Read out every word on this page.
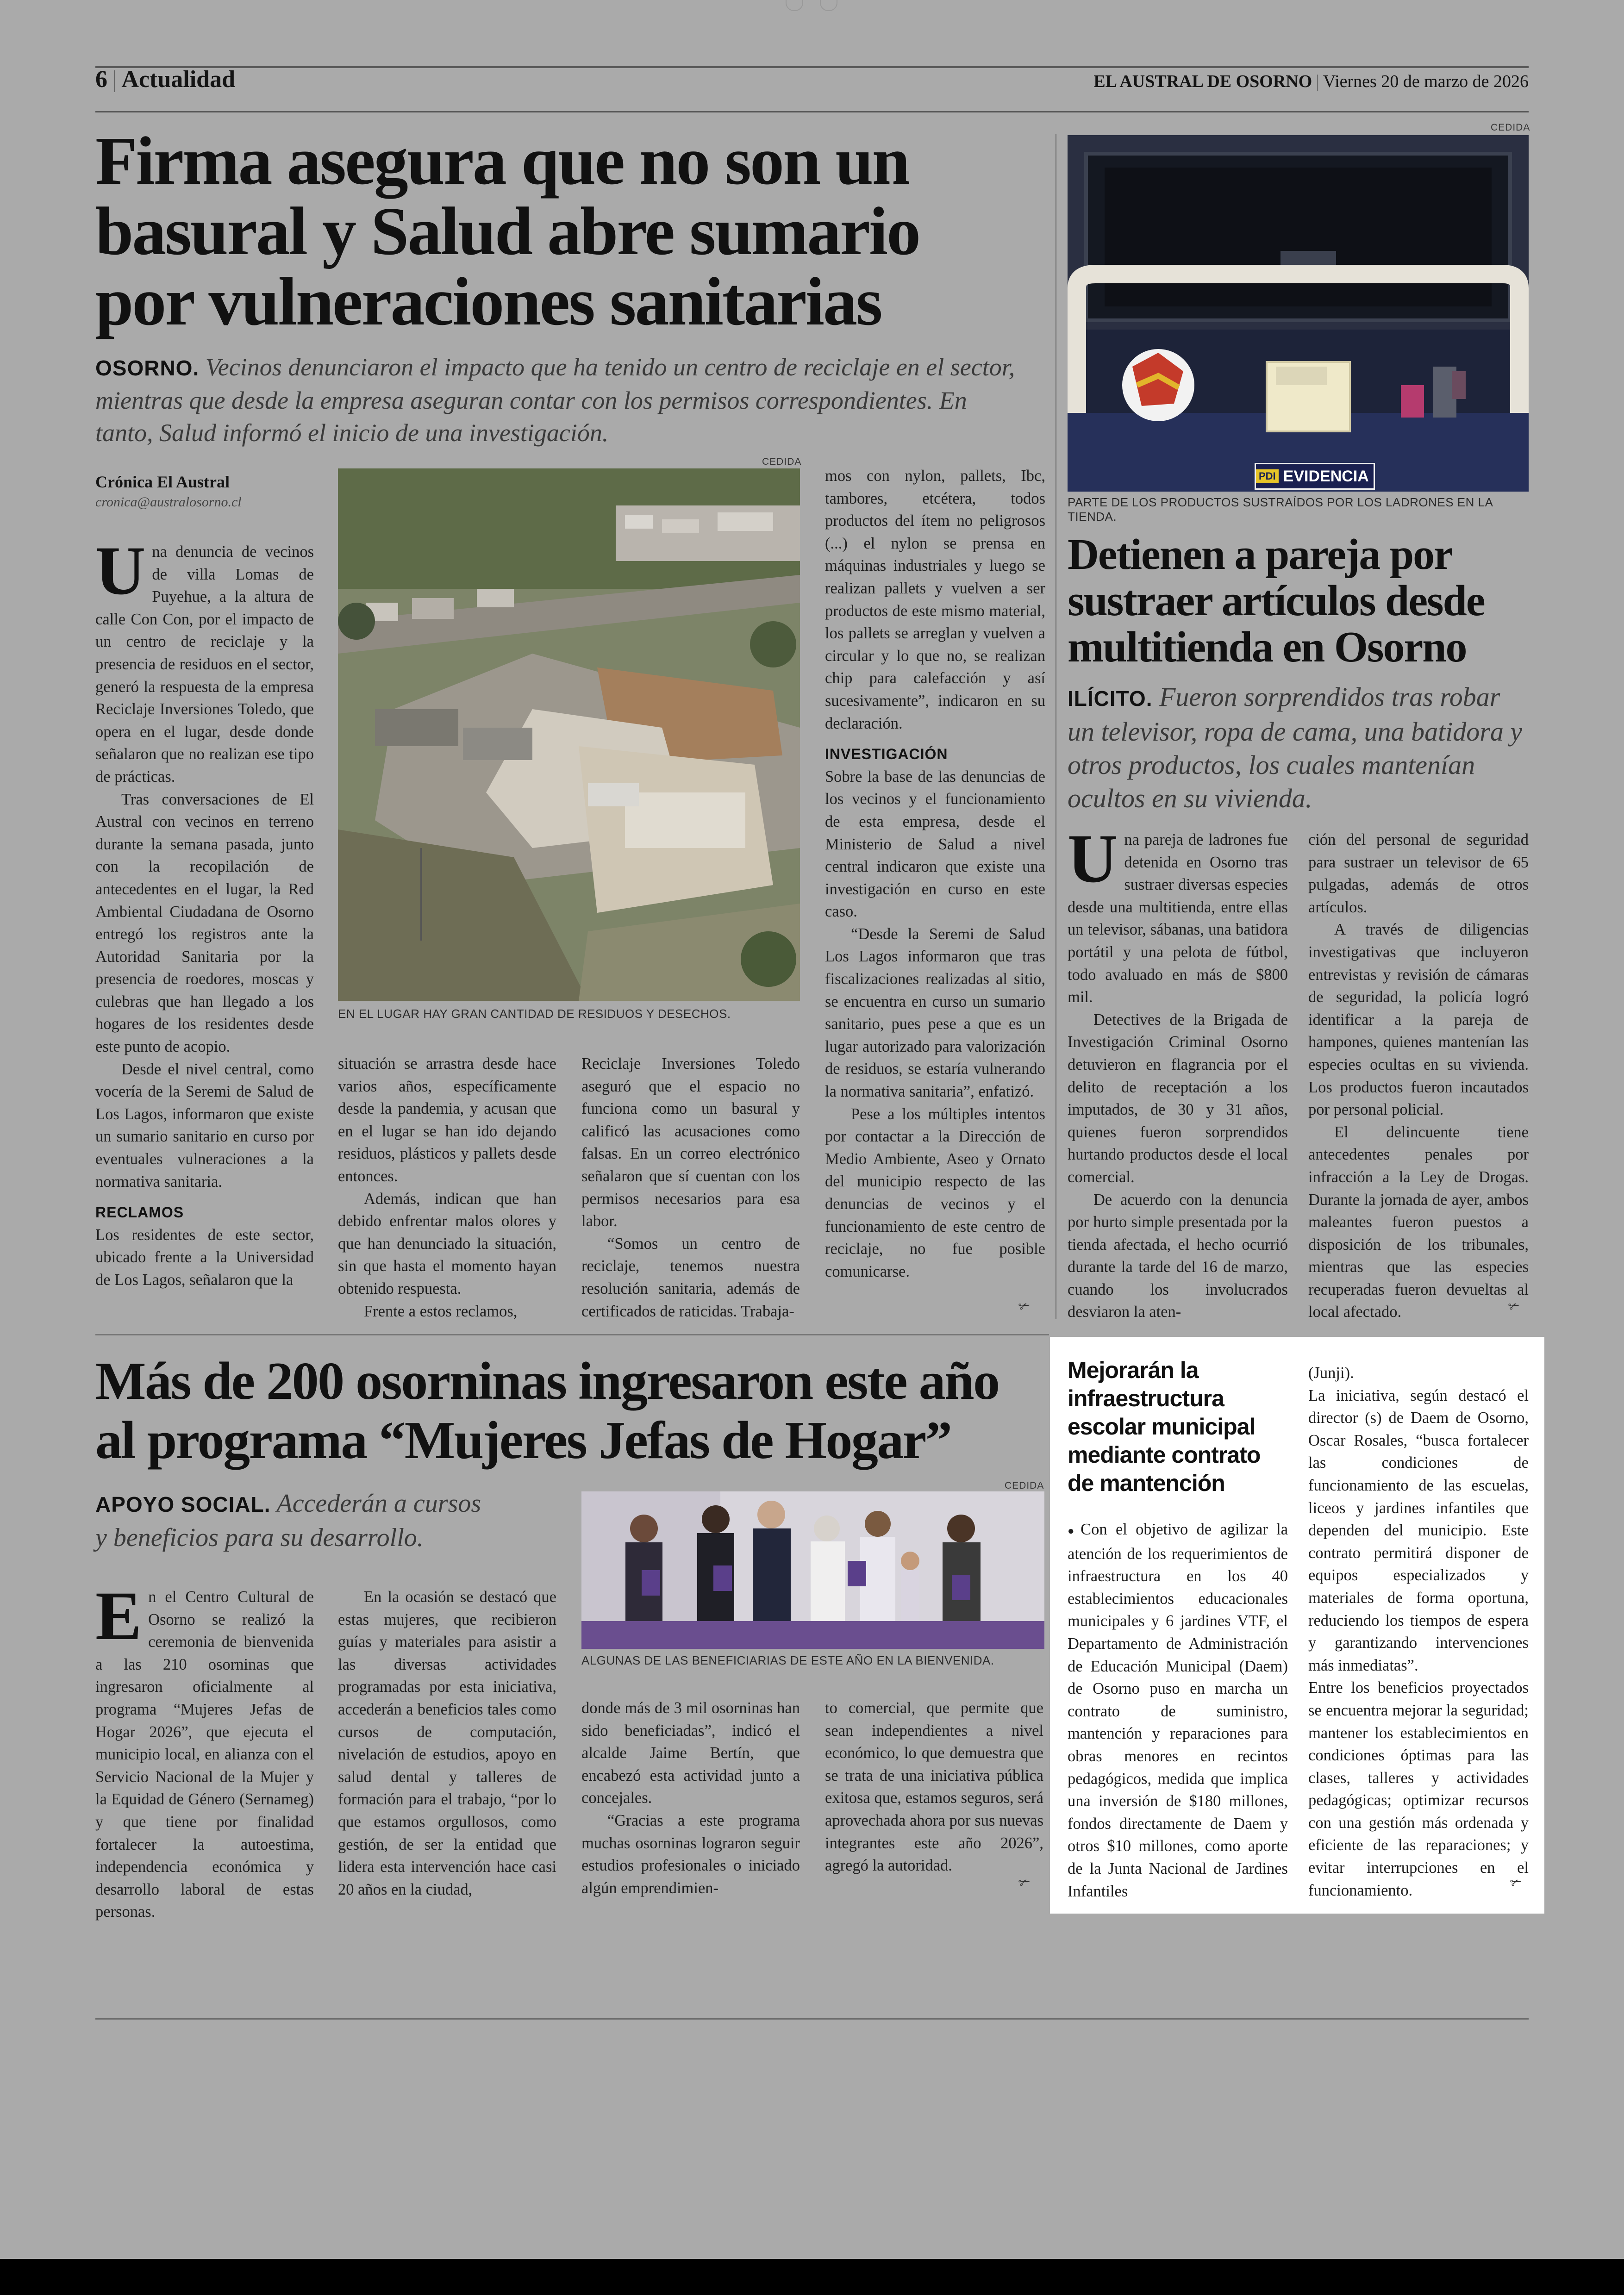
6 | Actualidad	EL AUSTRAL DE OSORNO | Viernes 20 de marzo de 2026
Firma asegura que no son un
basural y Salud abre sumario
por vulneraciones sanitarias
OSORNO. Vecinos denunciaron el impacto que ha tenido un centro de reciclaje en el sector, mientras que desde la empresa aseguran contar con los permisos correspondientes. En tanto, Salud informó el inicio de una investigación.
Crónica El Austral
cronica@australosorno.cl

Una denuncia de vecinos de villa Lomas de Puyehue, a la altura de calle Con Con, por el impacto de un centro de reciclaje y la presencia de residuos en el sector, generó la respuesta de la empresa Reciclaje Inversiones Toledo, que opera en el lugar, desde donde señalaron que no realizan ese tipo de prácticas.

Tras conversaciones de El Austral con vecinos en terreno durante la semana pasada, junto con la recopilación de antecedentes en el lugar, la Red Ambiental Ciudadana de Osorno entregó los registros ante la Autoridad Sanitaria por la presencia de roedores, moscas y culebras que han llegado a los hogares de los residentes desde este punto de acopio.

Desde el nivel central, como vocería de la Seremi de Salud de Los Lagos, informaron que existe un sumario sanitario en curso por eventuales vulneraciones a la normativa sanitaria.

RECLAMOS

Los residentes de este sector, ubicado frente a la Universidad de Los Lagos, señalaron que la

CEDIDA
EN EL LUGAR HAY GRAN CANTIDAD DE RESIDUOS Y DESECHOS.

situación se arrastra desde hace varios años, específicamente desde la pandemia, y acusan que en el lugar se han ido dejando residuos, plásticos y pallets desde entonces.

Además, indican que han debido enfrentar malos olores y que han denunciado la situación, sin que hasta el momento hayan obtenido respuesta.

Frente a estos reclamos,

Reciclaje Inversiones Toledo aseguró que el espacio no funciona como un basural y calificó las acusaciones como falsas. En un correo electrónico señalaron que sí cuentan con los permisos necesarios para esa labor.

“Somos un centro de reciclaje, tenemos nuestra resolución sanitaria, además de certificados de raticidas. Trabaja-

mos con nylon, pallets, Ibc, tambores, etcétera, todos productos del ítem no peligrosos (...) el nylon se prensa en máquinas industriales y luego se realizan pallets y vuelven a ser productos de este mismo material, los pallets se arreglan y vuelven a circular y lo que no, se realizan chip para calefacción y así sucesivamente”, indicaron en su declaración.

INVESTIGACIÓN

Sobre la base de las denuncias de los vecinos y el funcionamiento de esta empresa, desde el Ministerio de Salud a nivel central indicaron que existe una investigación en curso en este caso.

“Desde la Seremi de Salud Los Lagos informaron que tras fiscalizaciones realizadas al sitio, se encuentra en curso un sumario sanitario, pues pese a que es un lugar autorizado para valorización de residuos, se estaría vulnerando la normativa sanitaria”, enfatizó.

Pese a los múltiples intentos por contactar a la Dirección de Medio Ambiente, Aseo y Ornato del municipio respecto de las denuncias de vecinos y el funcionamiento de este centro de reciclaje, no fue posible comunicarse.

✃
CEDIDA
PDI EVIDENCIA
PARTE DE LOS PRODUCTOS SUSTRAÍDOS POR LOS LADRONES EN LA TIENDA.
Detienen a pareja por
sustraer artículos desde
multitienda en Osorno
ILÍCITO. Fueron sorprendidos tras robar un televisor, ropa de cama, una batidora y otros productos, los cuales mantenían ocultos en su vivienda.

Una pareja de ladrones fue detenida en Osorno tras sustraer diversas especies desde una multitienda, entre ellas un televisor, sábanas, una batidora portátil y una pelota de fútbol, todo avaluado en más de $800 mil.

Detectives de la Brigada de Investigación Criminal Osorno detuvieron en flagrancia por el delito de receptación a los imputados, de 30 y 31 años, quienes fueron sorprendidos hurtando productos desde el local comercial.

De acuerdo con la denuncia por hurto simple presentada por la tienda afectada, el hecho ocurrió durante la tarde del 16 de marzo, cuando los involucrados desviaron la aten-

ción del personal de seguridad para sustraer un televisor de 65 pulgadas, además de otros artículos.

A través de diligencias investigativas que incluyeron entrevistas y revisión de cámaras de seguridad, la policía logró identificar a la pareja de hampones, quienes mantenían las especies ocultas en su vivienda. Los productos fueron incautados por personal policial.

El delincuente tiene antecedentes penales por infracción a la Ley de Drogas. Durante la jornada de ayer, ambos maleantes fueron puestos a disposición de los tribunales, mientras que las especies recuperadas fueron devueltas al local afectado.	✃
Más de 200 osorninas ingresaron este año
al programa “Mujeres Jefas de Hogar”
APOYO SOCIAL. Accederán a cursos
y beneficios para su desarrollo.
CEDIDA
ALGUNAS DE LAS BENEFICIARIAS DE ESTE AÑO EN LA BIENVENIDA.

En el Centro Cultural de Osorno se realizó la ceremonia de bienvenida a las 210 osorninas que ingresaron oficialmente al programa “Mujeres Jefas de Hogar 2026”, que ejecuta el municipio local, en alianza con el Servicio Nacional de la Mujer y la Equidad de Género (Sernameg) y que tiene por finalidad fortalecer la autoestima, independencia económica y desarrollo laboral de estas personas.

En la ocasión se destacó que estas mujeres, que recibieron guías y materiales para asistir a las diversas actividades programadas por esta iniciativa, accederán a beneficios tales como cursos de computación, nivelación de estudios, apoyo en salud dental y talleres de formación para el trabajo, “por lo que estamos orgullosos, como gestión, de ser la entidad que lidera esta intervención hace casi 20 años en la ciudad,

donde más de 3 mil osorninas han sido beneficiadas”, indicó el alcalde Jaime Bertín, que encabezó esta actividad junto a concejales.

“Gracias a este programa muchas osorninas lograron seguir estudios profesionales o iniciado algún emprendimien-

to comercial, que permite que sean independientes a nivel económico, lo que demuestra que se trata de una iniciativa pública exitosa que, estamos seguros, será aprovechada ahora por sus nuevas integrantes este año 2026”, agregó la autoridad.

✃
Mejorarán la
infraestructura
escolar municipal
mediante contrato
de mantención

● Con el objetivo de agilizar la atención de los requerimientos de infraestructura en los 40 establecimientos educacionales municipales y 6 jardines VTF, el Departamento de Administración de Educación Municipal (Daem) de Osorno puso en marcha un contrato de suministro, mantención y reparaciones para obras menores en recintos pedagógicos, medida que implica una inversión de $180 millones, fondos directamente de Daem y otros $10 millones, como aporte de la Junta Nacional de Jardines Infantiles

(Junji).

La iniciativa, según destacó el director (s) de Daem de Osorno, Oscar Rosales, “busca fortalecer las condiciones de funcionamiento de las escuelas, liceos y jardines infantiles que dependen del municipio. Este contrato permitirá disponer de equipos especializados y materiales de forma oportuna, reduciendo los tiempos de espera y garantizando intervenciones más inmediatas”.

Entre los beneficios proyectados se encuentra mejorar la seguridad; mantener los establecimientos en condiciones óptimas para las clases, talleres y actividades pedagógicas; optimizar recursos con una gestión más ordenada y eficiente de las reparaciones; y evitar interrupciones en el funcionamiento.	✃
